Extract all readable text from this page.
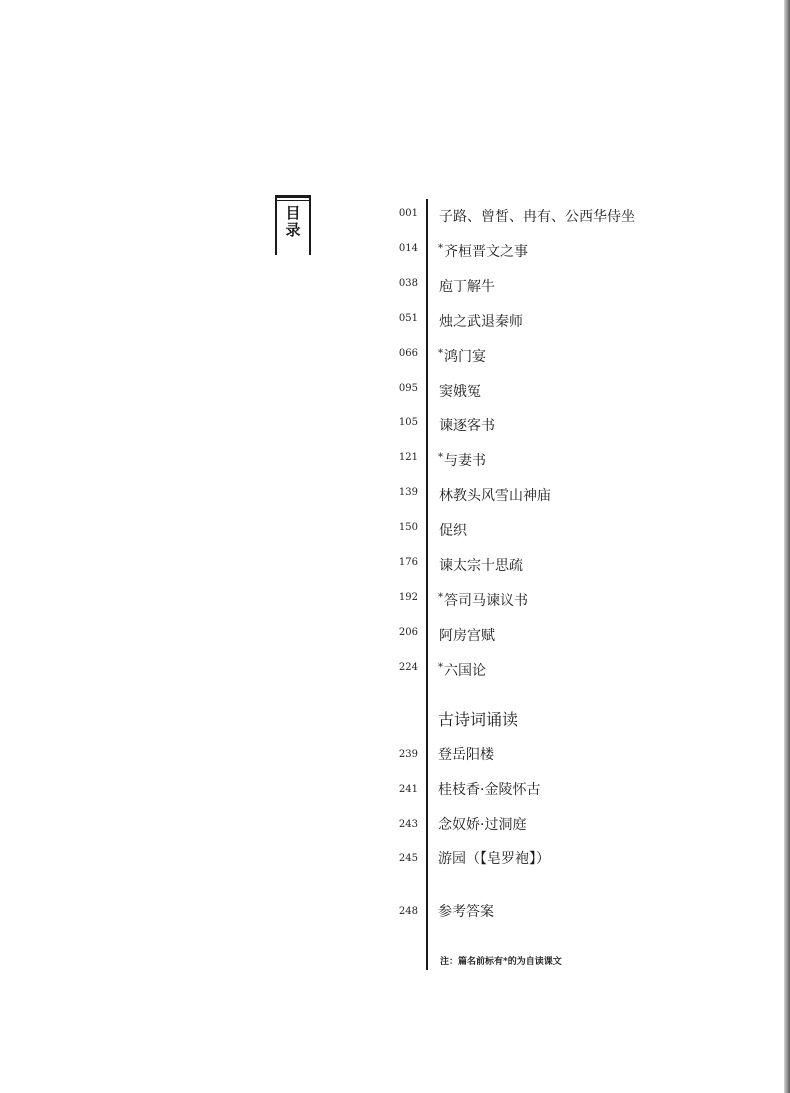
目
录
001 子路、曾皙、冉有、公西华侍坐
014 *齐桓晋文之事
038 庖丁解牛
051 烛之武退秦师
066 *鸿门宴
095 窦娥冤
105 谏逐客书
121 *与妻书
139 林教头风雪山神庙
150 促织
176 谏太宗十思疏
192 *答司马谏议书
206 阿房宫赋
224 *六国论
古诗词诵读
239 登岳阳楼
241 桂枝香·金陵怀古
243 念奴娇·过洞庭
245 游园（【皂罗袍】）
248 参考答案
注：篇名前标有*的为自读课文
